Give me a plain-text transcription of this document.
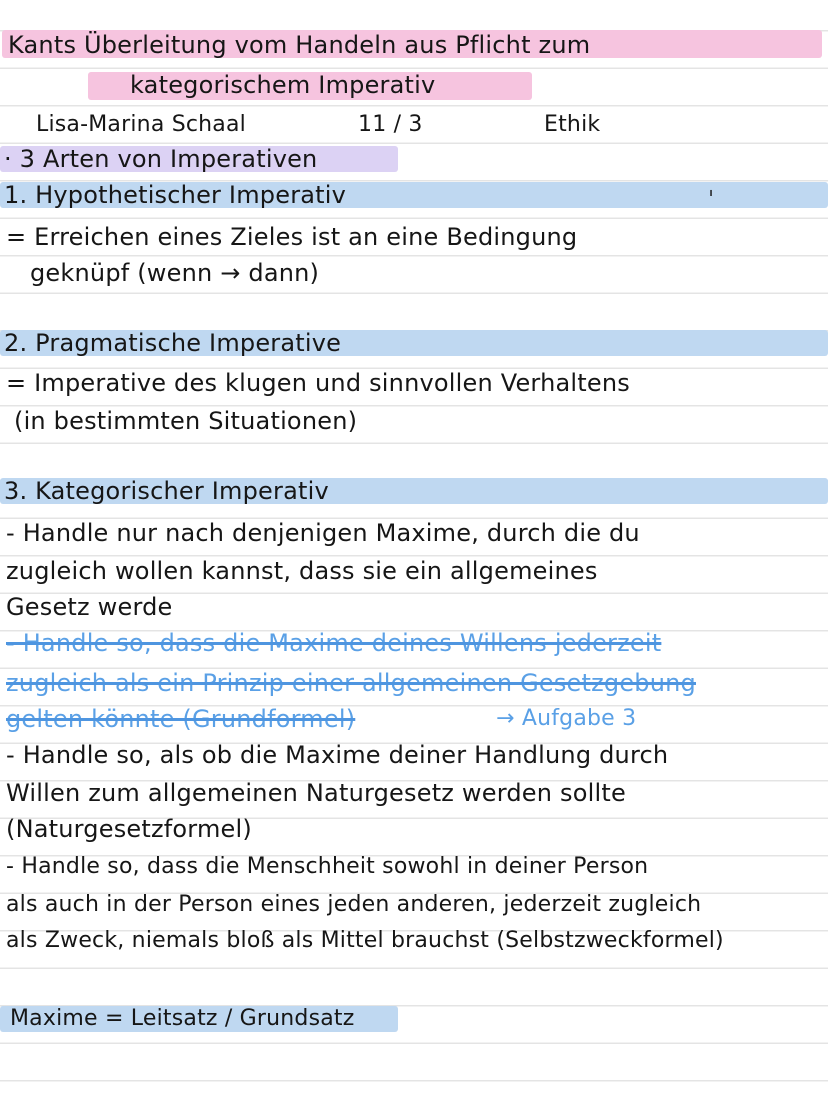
Kants Überleitung vom Handeln aus Pflicht zum
kategorischem Imperativ
Lisa-Marina Schaal	11 / 3	Ethik
· 3 Arten von Imperativen
1. Hypothetischer Imperativ	ˈ
= Erreichen eines Zieles ist an eine Bedingung
geknüpf (wenn → dann)
2. Pragmatische Imperative
= Imperative des klugen und sinnvollen Verhaltens
(in bestimmten Situationen)
3. Kategorischer Imperativ
- Handle nur nach denjenigen Maxime, durch die du
zugleich wollen kannst, dass sie ein allgemeines
Gesetz werde
- Handle so, dass die Maxime deines Willens jederzeit
zugleich als ein Prinzip einer allgemeinen Gesetzgebung
gelten könnte (Grundformel)	→ Aufgabe 3
- Handle so, als ob die Maxime deiner Handlung durch
Willen zum allgemeinen Naturgesetz werden sollte
(Naturgesetzformel)
- Handle so, dass die Menschheit sowohl in deiner Person
als auch in der Person eines jeden anderen, jederzeit zugleich
als Zweck, niemals bloß als Mittel brauchst (Selbstzweckformel)
Maxime = Leitsatz / Grundsatz
